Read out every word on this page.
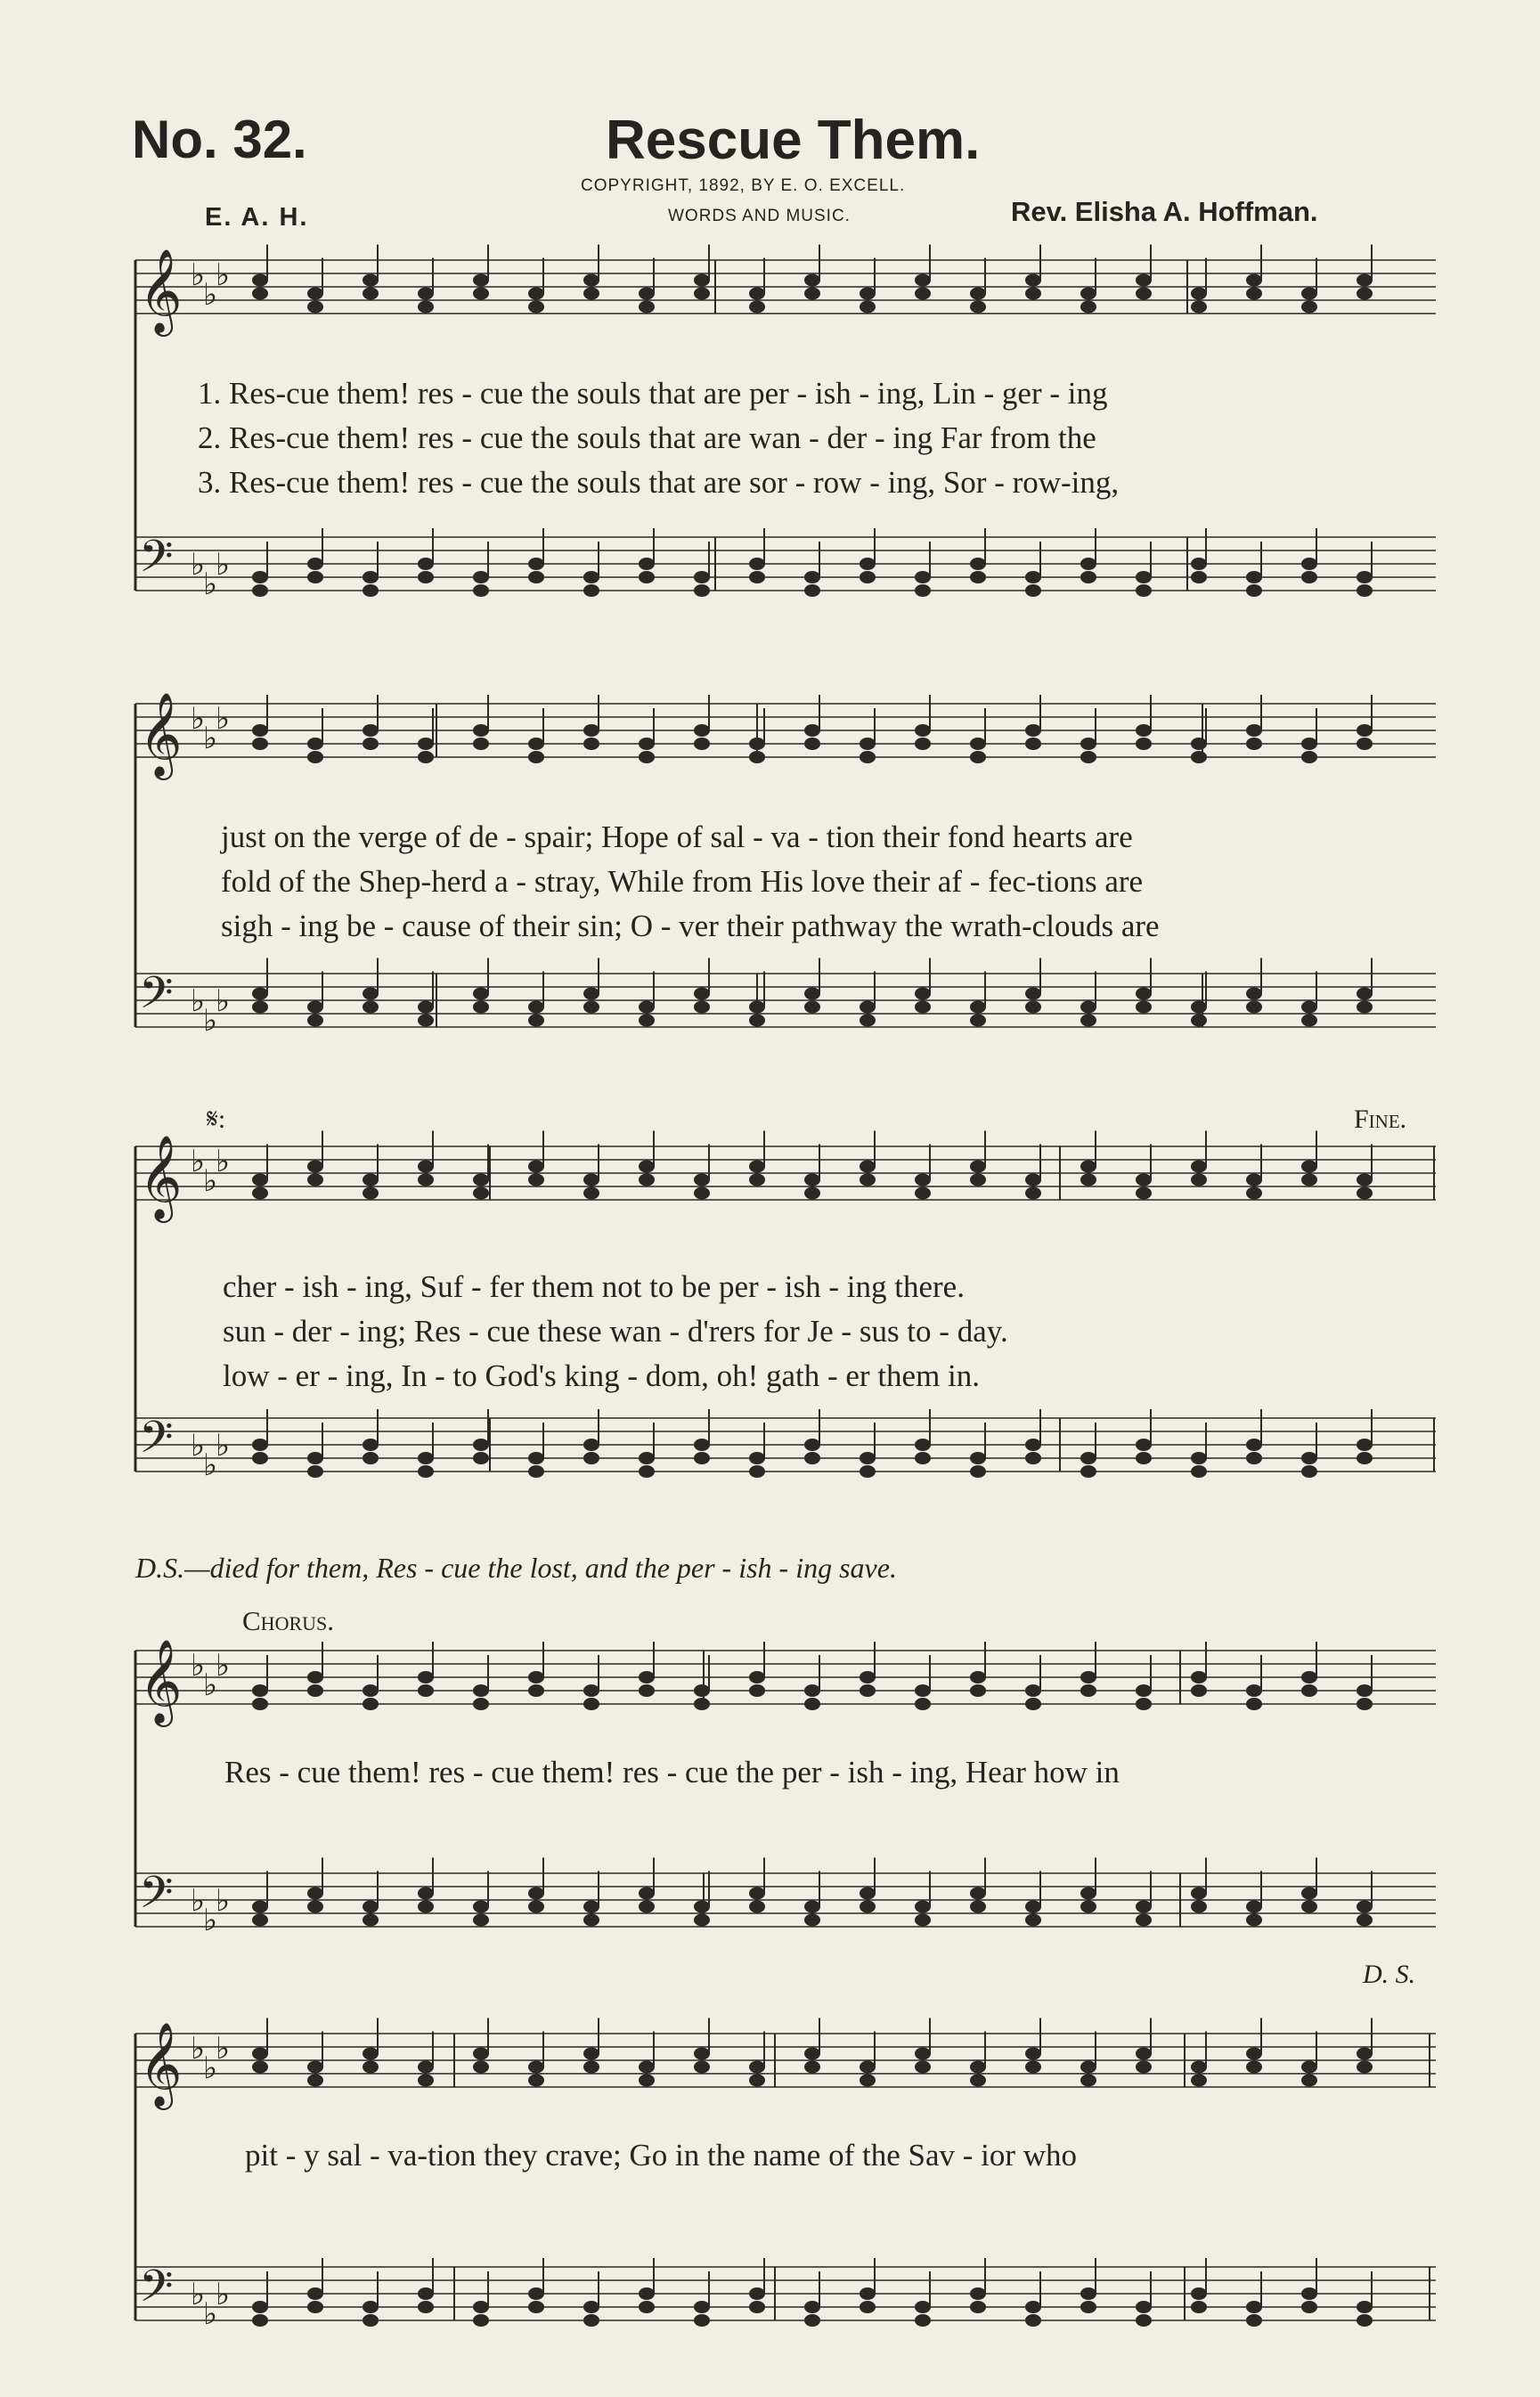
No. 32.	Rescue Them.
COPYRIGHT, 1892, BY E. O. EXCELL.
WORDS AND MUSIC.
E. A. H.	Rev. Elisha A. Hoffman.
𝄞 ♭
♭
♭
𝄢 ♭
♭
♭
𝄞 ♭
♭
♭
𝄢 ♭
♭
♭
𝄞 ♭
♭
♭
𝄢 ♭
♭
♭
𝄞 ♭
♭
♭
𝄢 ♭
♭
♭
𝄞 ♭
♭
♭
𝄢 ♭
♭
♭
1. Res-cue them! res - cue the souls that are per - ish - ing, Lin - ger - ing
2. Res-cue them! res - cue the souls that are wan - der - ing Far from the
3. Res-cue them! res - cue the souls that are sor - row - ing, Sor - row-ing,
just on the verge of de - spair; Hope of sal - va - tion their fond hearts are
fold of the Shep-herd a - stray, While from His love their af - fec-tions are
sigh - ing be - cause of their sin; O - ver their pathway the wrath-clouds are
𝄋:	Fine.
cher - ish - ing, Suf - fer them not to be per - ish - ing there.
sun - der - ing; Res - cue these wan - d'rers for Je - sus to - day.
low - er - ing, In - to God's king - dom, oh! gath - er them in.
D.S.—died for them, Res - cue the lost, and the per - ish - ing save.
Chorus.
Res - cue them! res - cue them! res - cue the per - ish - ing, Hear how in
D. S.
pit - y sal - va-tion they crave; Go in the name of the Sav - ior who
